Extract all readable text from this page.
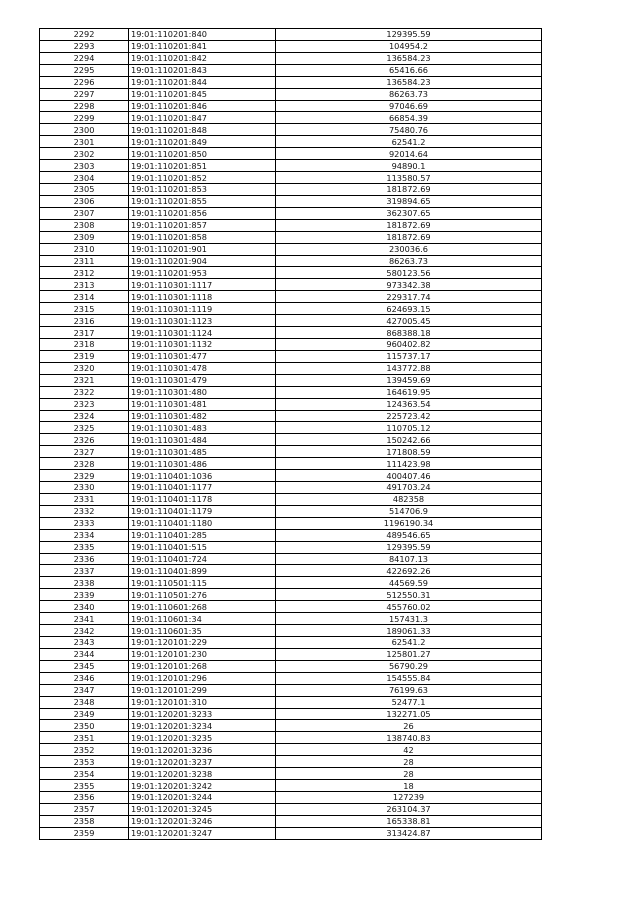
2292	19:01:110201:840	129395.59
2293	19:01:110201:841	104954.2
2294	19:01:110201:842	136584.23
2295	19:01:110201:843	65416.66
2296	19:01:110201:844	136584.23
2297	19:01:110201:845	86263.73
2298	19:01:110201:846	97046.69
2299	19:01:110201:847	66854.39
2300	19:01:110201:848	75480.76
2301	19:01:110201:849	62541.2
2302	19:01:110201:850	92014.64
2303	19:01:110201:851	94890.1
2304	19:01:110201:852	113580.57
2305	19:01:110201:853	181872.69
2306	19:01:110201:855	319894.65
2307	19:01:110201:856	362307.65
2308	19:01:110201:857	181872.69
2309	19:01:110201:858	181872.69
2310	19:01:110201:901	230036.6
2311	19:01:110201:904	86263.73
2312	19:01:110201:953	580123.56
2313	19:01:110301:1117	973342.38
2314	19:01:110301:1118	229317.74
2315	19:01:110301:1119	624693.15
2316	19:01:110301:1123	427005.45
2317	19:01:110301:1124	868388.18
2318	19:01:110301:1132	960402.82
2319	19:01:110301:477	115737.17
2320	19:01:110301:478	143772.88
2321	19:01:110301:479	139459.69
2322	19:01:110301:480	164619.95
2323	19:01:110301:481	124363.54
2324	19:01:110301:482	225723.42
2325	19:01:110301:483	110705.12
2326	19:01:110301:484	150242.66
2327	19:01:110301:485	171808.59
2328	19:01:110301:486	111423.98
2329	19:01:110401:1036	400407.46
2330	19:01:110401:1177	491703.24
2331	19:01:110401:1178	482358
2332	19:01:110401:1179	514706.9
2333	19:01:110401:1180	1196190.34
2334	19:01:110401:285	489546.65
2335	19:01:110401:515	129395.59
2336	19:01:110401:724	84107.13
2337	19:01:110401:899	422692.26
2338	19:01:110501:115	44569.59
2339	19:01:110501:276	512550.31
2340	19:01:110601:268	455760.02
2341	19:01:110601:34	157431.3
2342	19:01:110601:35	189061.33
2343	19:01:120101:229	62541.2
2344	19:01:120101:230	125801.27
2345	19:01:120101:268	56790.29
2346	19:01:120101:296	154555.84
2347	19:01:120101:299	76199.63
2348	19:01:120101:310	52477.1
2349	19:01:120201:3233	132271.05
2350	19:01:120201:3234	26
2351	19:01:120201:3235	138740.83
2352	19:01:120201:3236	42
2353	19:01:120201:3237	28
2354	19:01:120201:3238	28
2355	19:01:120201:3242	18
2356	19:01:120201:3244	127239
2357	19:01:120201:3245	263104.37
2358	19:01:120201:3246	165338.81
2359	19:01:120201:3247	313424.87
